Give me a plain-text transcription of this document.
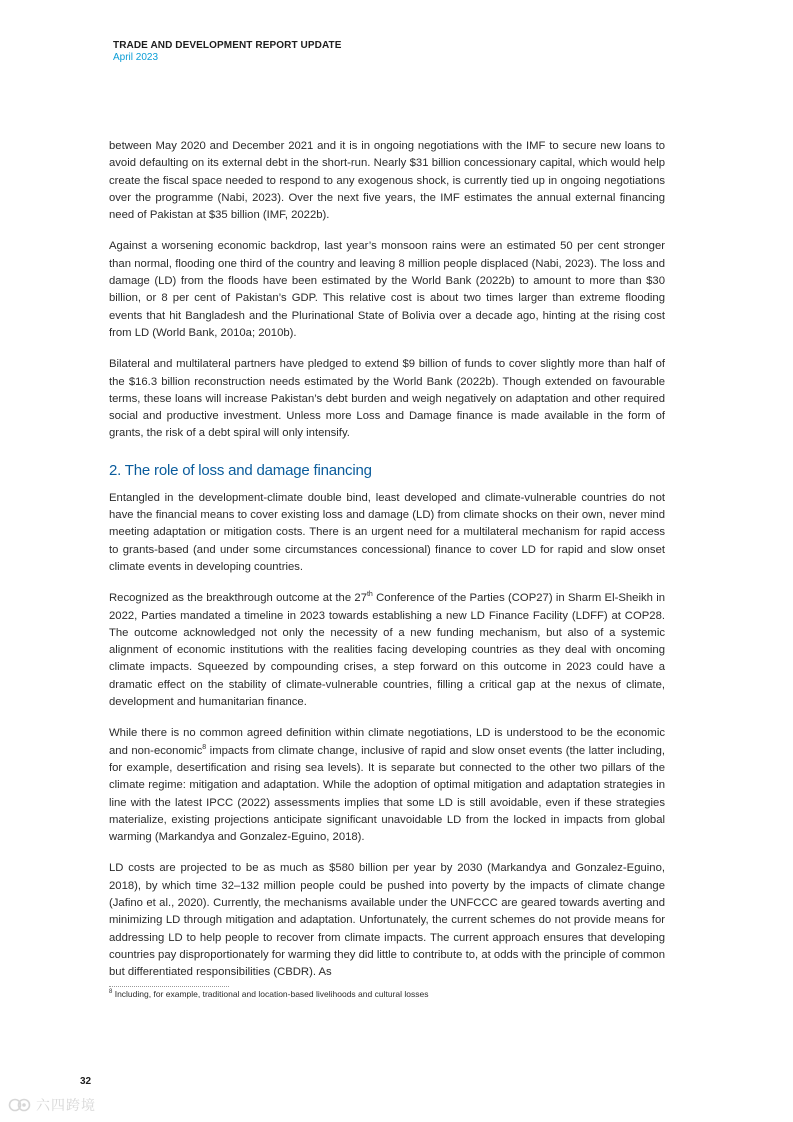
TRADE AND DEVELOPMENT REPORT UPDATE
April 2023

between May 2020 and December 2021 and it is in ongoing negotiations with the IMF to secure new loans to avoid defaulting on its external debt in the short-run. Nearly $31 billion concessionary capital, which would help create the fiscal space needed to respond to any exogenous shock, is currently tied up in ongoing negotiations over the programme (Nabi, 2023). Over the next five years, the IMF estimates the annual external financing need of Pakistan at $35 billion (IMF, 2022b).

Against a worsening economic backdrop, last year’s monsoon rains were an estimated 50 per cent stronger than normal, flooding one third of the country and leaving 8 million people displaced (Nabi, 2023). The loss and damage (LD) from the floods have been estimated by the World Bank (2022b) to amount to more than $30 billion, or 8 per cent of Pakistan’s GDP. This relative cost is about two times larger than extreme flooding events that hit Bangladesh and the Plurinational State of Bolivia over a decade ago, hinting at the rising cost from LD (World Bank, 2010a; 2010b).

Bilateral and multilateral partners have pledged to extend $9 billion of funds to cover slightly more than half of the $16.3 billion reconstruction needs estimated by the World Bank (2022b). Though extended on favourable terms, these loans will increase Pakistan’s debt burden and weigh negatively on adaptation and other required social and productive investment. Unless more Loss and Damage finance is made available in the form of grants, the risk of a debt spiral will only intensify.

2. The role of loss and damage financing

Entangled in the development-climate double bind, least developed and climate-vulnerable countries do not have the financial means to cover existing loss and damage (LD) from climate shocks on their own, never mind meeting adaptation or mitigation costs. There is an urgent need for a multilateral mechanism for rapid access to grants-based (and under some circumstances concessional) finance to cover LD for rapid and slow onset climate events in developing countries.

Recognized as the breakthrough outcome at the 27th Conference of the Parties (COP27) in Sharm El-Sheikh in 2022, Parties mandated a timeline in 2023 towards establishing a new LD Finance Facility (LDFF) at COP28. The outcome acknowledged not only the necessity of a new funding mechanism, but also of a systemic alignment of economic institutions with the realities facing developing countries as they deal with oncoming climate impacts. Squeezed by compounding crises, a step forward on this outcome in 2023 could have a dramatic effect on the stability of climate-vulnerable countries, filling a critical gap at the nexus of climate, development and humanitarian finance.

While there is no common agreed definition within climate negotiations, LD is understood to be the economic and non-economic$^8$ impacts from climate change, inclusive of rapid and slow onset events (the latter including, for example, desertification and rising sea levels). It is separate but connected to the other two pillars of the climate regime: mitigation and adaptation. While the adoption of optimal mitigation and adaptation strategies in line with the latest IPCC (2022) assessments implies that some LD is still avoidable, even if these strategies materialize, existing projections anticipate significant unavoidable LD from the locked in impacts from global warming (Markandya and Gonzalez-Eguino, 2018).

LD costs are projected to be as much as $580 billion per year by 2030 (Markandya and Gonzalez-Eguino, 2018), by which time 32–132 million people could be pushed into poverty by the impacts of climate change (Jafino et al., 2020). Currently, the mechanisms available under the UNFCCC are geared towards averting and minimizing LD through mitigation and adaptation. Unfortunately, the current schemes do not provide means for addressing LD to help people to recover from climate impacts. The current approach ensures that developing countries pay disproportionately for warming they did little to contribute to, at odds with the principle of common but differentiated responsibilities (CBDR). As

$^8$ Including, for example, traditional and location-based livelihoods and cultural losses
32
六四跨境
